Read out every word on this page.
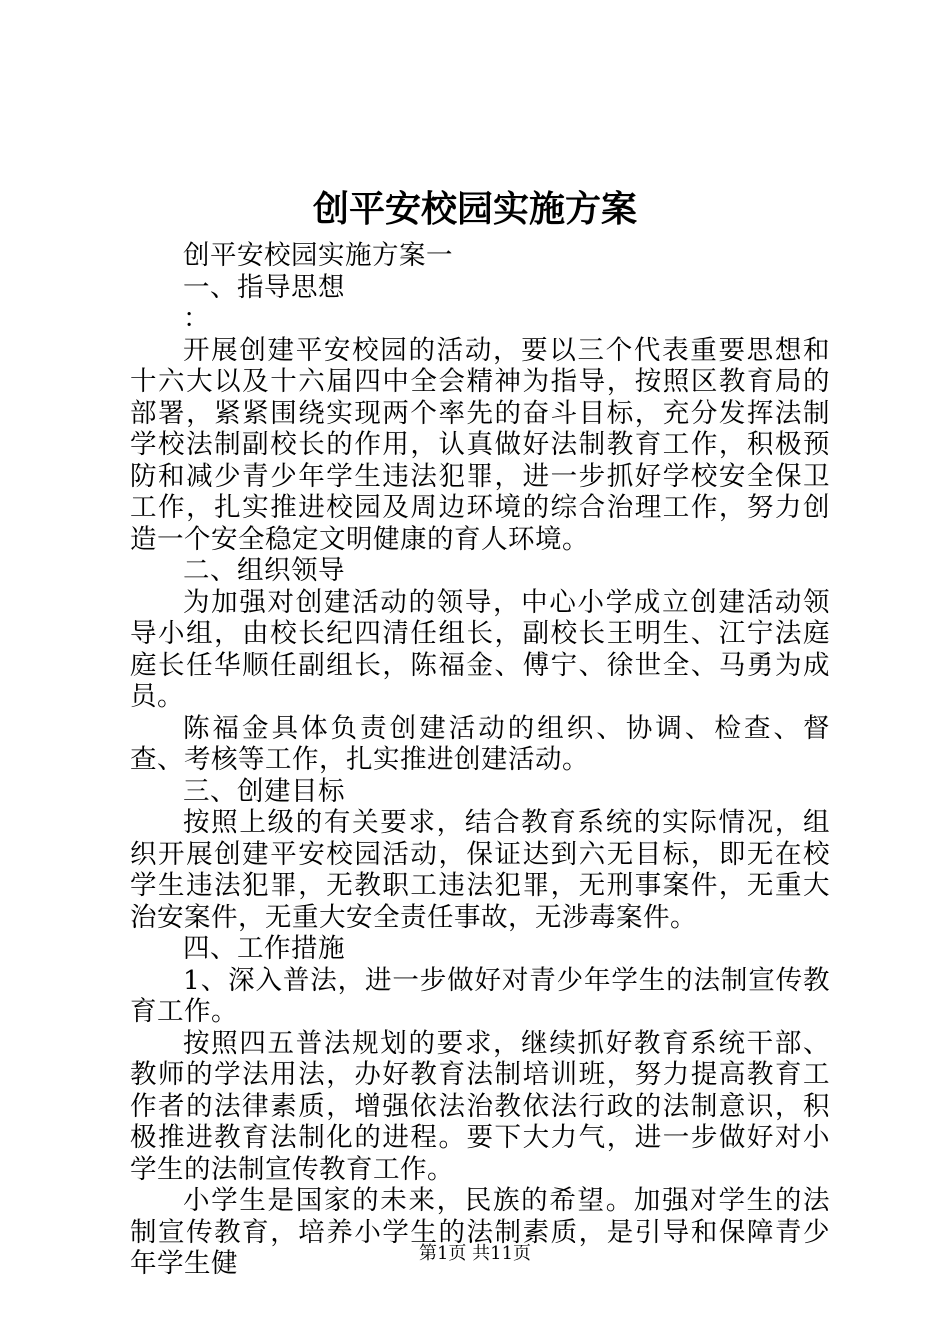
创平安校园实施方案

创平安校园实施方案一

一、指导思想

：

开展创建平安校园的活动，要以三个代表重要思想和十六大以及十六届四中全会精神为指导，按照区教育局的部署，紧紧围绕实现两个率先的奋斗目标，充分发挥法制学校法制副校长的作用，认真做好法制教育工作，积极预防和减少青少年学生违法犯罪，进一步抓好学校安全保卫工作，扎实推进校园及周边环境的综合治理工作，努力创造一个安全稳定文明健康的育人环境。

二、组织领导

为加强对创建活动的领导，中心小学成立创建活动领导小组，由校长纪四清任组长，副校长王明生、江宁法庭庭长任华顺任副组长，陈福金、傅宁、徐世全、马勇为成员。

陈福金具体负责创建活动的组织、协调、检查、督查、考核等工作，扎实推进创建活动。

三、创建目标

按照上级的有关要求，结合教育系统的实际情况，组织开展创建平安校园活动，保证达到六无目标，即无在校学生违法犯罪，无教职工违法犯罪，无刑事案件，无重大治安案件，无重大安全责任事故，无涉毒案件。

四、工作措施

1、深入普法，进一步做好对青少年学生的法制宣传教育工作。

按照四五普法规划的要求，继续抓好教育系统干部、教师的学法用法，办好教育法制培训班，努力提高教育工作者的法律素质，增强依法治教依法行政的法制意识，积极推进教育法制化的进程。要下大力气，进一步做好对小学生的法制宣传教育工作。

小学生是国家的未来，民族的希望。加强对学生的法制宣传教育，培养小学生的法制素质，是引导和保障青少年学生健	第1页 共11页
